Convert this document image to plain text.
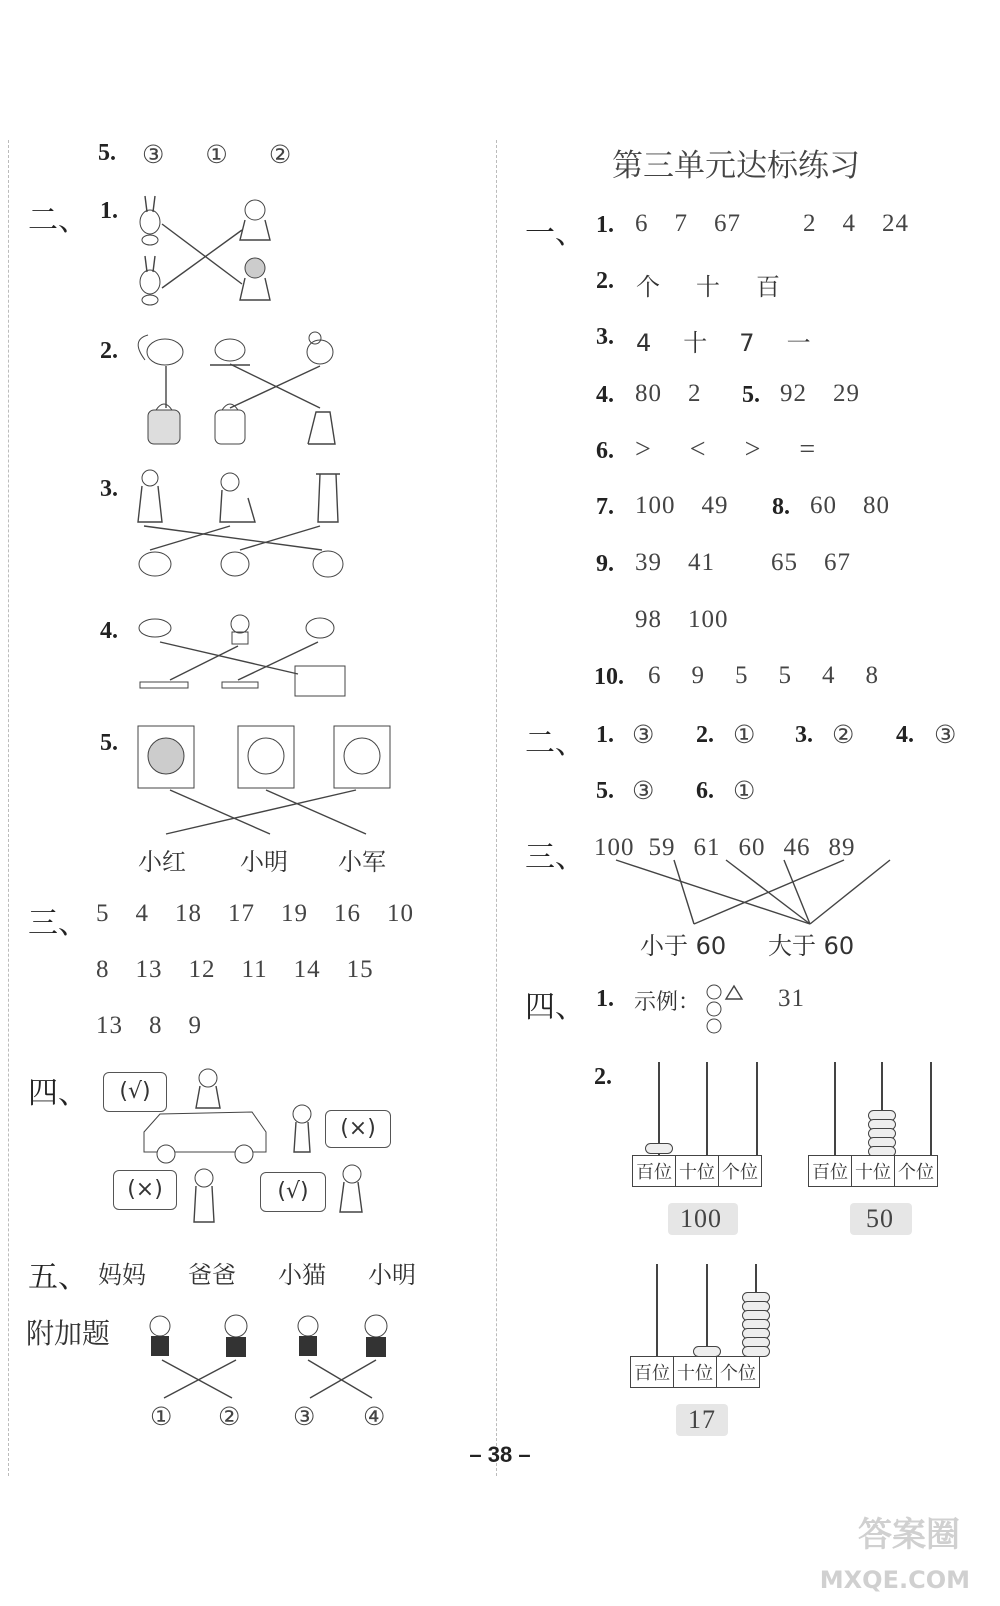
5. ③ ① ②
二、 1.
2.
3.
4.
5.
小红 小明 小军
三、 5 4 18 17 19 16 10
8 13 12 11 14 15
13 8 9
四、	(√)
(×)
(×)	(√)
五、 妈妈 爸爸 小猫 小明
附加题
① ② ③ ④
第三单元达标练习
一、 1. 6 7 67 2 4 24
2. 个 十 百
3. 4 十 7 一
4. 80 2	5. 92 29
6. > < > =
7. 100 49	8. 60 80
9. 39 41 65 67
98 100
10. 6 9 5 5 4 8
二、 1. ③ 2. ① 3. ② 4. ③
5. ③ 6. ①
三、 100 59 61 60 46 89
小于 60 大于 60
四、 1. 示例：	31
2.
百位 十位 个位
100
百位 十位 个位
50
百位 十位 个位
17
– 38 –
答案圈
MXQE.COM
